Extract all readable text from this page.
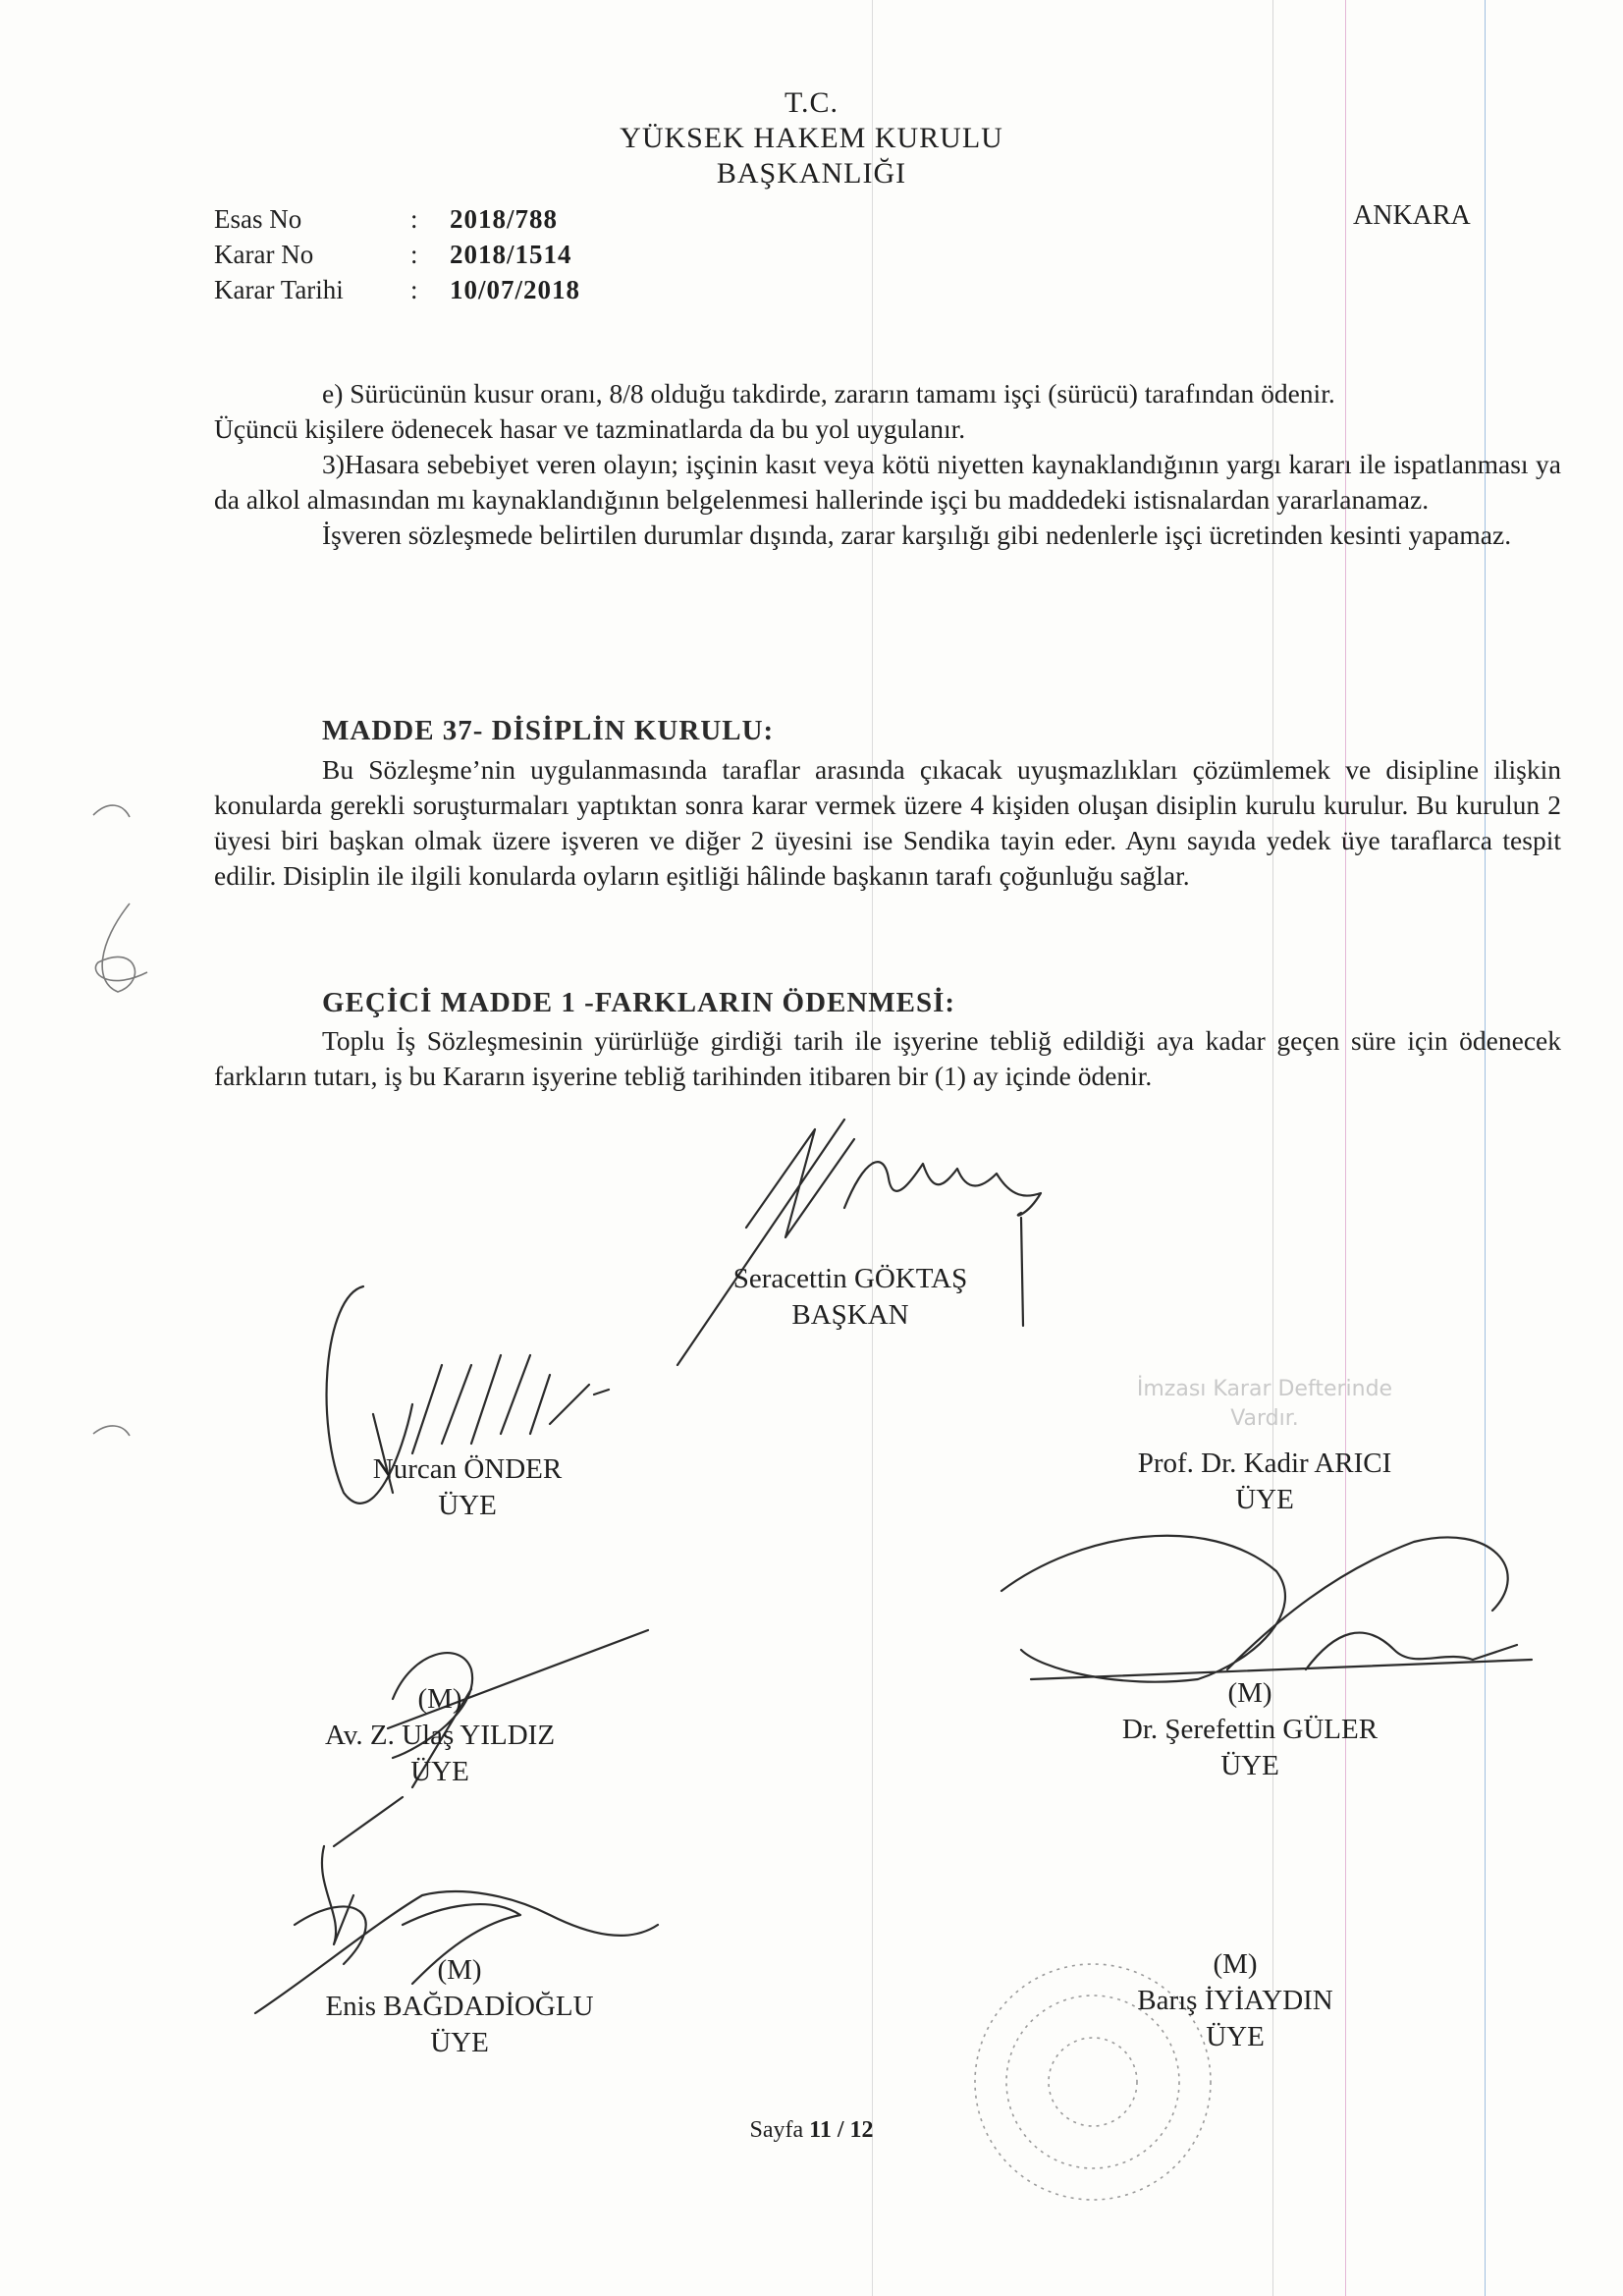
T.C.
YÜKSEK HAKEM KURULU
BAŞKANLIĞI
ANKARA
Esas No	:	2018/788
Karar No	:	2018/1514
Karar Tarihi	:	10/07/2018

e) Sürücünün kusur oranı, 8/8 olduğu takdirde, zararın tamamı işçi (sürücü) tarafından ödenir.

Üçüncü kişilere ödenecek hasar ve tazminatlarda da bu yol uygulanır.

3)Hasara sebebiyet veren olayın; işçinin kasıt veya kötü niyetten kaynaklandığının yargı kararı ile ispatlanması ya da alkol almasından mı kaynaklandığının belgelenmesi hallerinde işçi bu maddedeki istisnalardan yararlanamaz.

İşveren sözleşmede belirtilen durumlar dışında, zarar karşılığı gibi nedenlerle işçi ücretinden kesinti yapamaz.

MADDE 37- DİSİPLİN KURULU:

Bu Sözleşme’nin uygulanmasında taraflar arasında çıkacak uyuşmazlıkları çözümlemek ve disipline ilişkin konularda gerekli soruşturmaları yaptıktan sonra karar vermek üzere 4 kişiden oluşan disiplin kurulu kurulur. Bu kurulun 2 üyesi biri başkan olmak üzere işveren ve diğer 2 üyesini ise Sendika tayin eder. Aynı sayıda yedek üye taraflarca tespit edilir. Disiplin ile ilgili konularda oyların eşitliği hâlinde başkanın tarafı çoğunluğu sağlar.

GEÇİCİ MADDE 1 -FARKLARIN ÖDENMESİ:

Toplu İş Sözleşmesinin yürürlüğe girdiği tarih ile işyerine tebliğ edildiği aya kadar geçen süre için ödenecek farkların tutarı, iş bu Kararın işyerine tebliğ tarihinden itibaren bir (1) ay içinde ödenir.

Seracettin GÖKTAŞ
BAŞKAN
Nurcan ÖNDER
ÜYE
İmzası Karar Defterinde
Vardır.
Prof. Dr. Kadir ARICI
ÜYE
(M)
Av. Z. Ulaş YILDIZ
ÜYE
(M)
Dr. Şerefettin GÜLER
ÜYE
(M)
Enis BAĞDADİOĞLU
ÜYE
(M)
Barış İYİAYDIN
ÜYE
Sayfa 11 / 12
